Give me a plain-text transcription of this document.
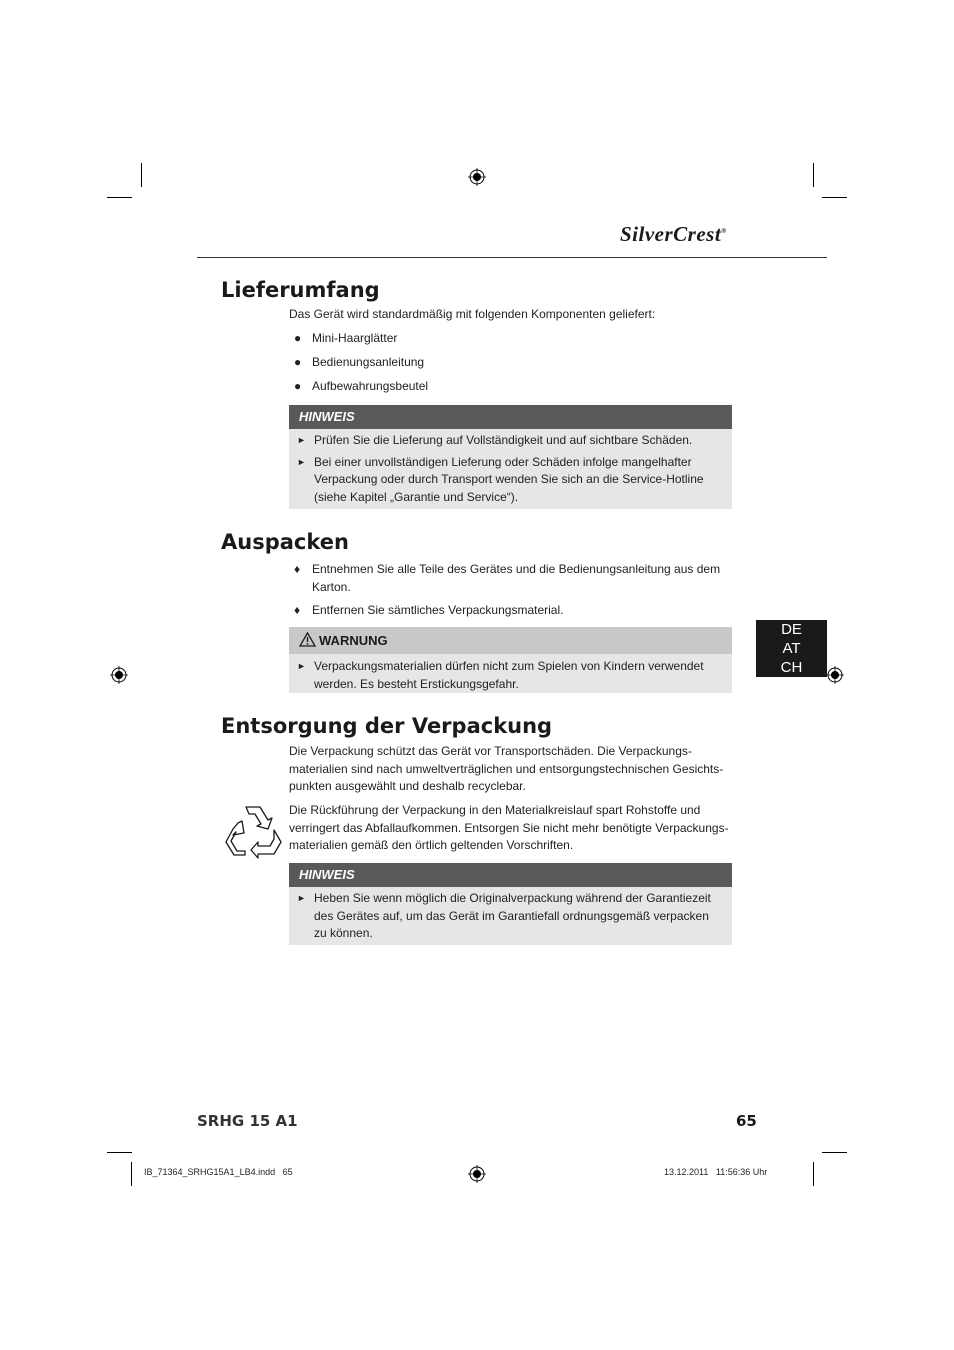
SilverCrest®
Lieferumfang

Das Gerät wird standardmäßig mit folgenden Komponenten geliefert:

● Mini-Haarglätter
● Bedienungsanleitung
● Aufbewahrungsbeutel
HINWEIS
► Prüfen Sie die Lieferung auf Vollständigkeit und auf sichtbare Schäden.
► Bei einer unvollständigen Lieferung oder Schäden infolge mangelhafter Verpackung oder durch Transport wenden Sie sich an die Service-Hotline (siehe Kapitel „Garantie und Service“).
Auspacken
♦ Entnehmen Sie alle Teile des Gerätes und die Bedienungsanleitung aus dem Karton.
♦ Entfernen Sie sämtliches Verpackungsmaterial.
WARNUNG
► Verpackungsmaterialien dürfen nicht zum Spielen von Kindern verwendet werden. Es besteht Erstickungsgefahr.
DE
AT
CH
Entsorgung der Verpackung

Die Verpackung schützt das Gerät vor Transportschäden. Die Verpackungs-materialien sind nach umweltverträglichen und entsorgungstechnischen Gesichts-punkten ausgewählt und deshalb recyclebar.

Die Rückführung der Verpackung in den Materialkreislauf spart Rohstoffe und verringert das Abfallaufkommen. Entsorgen Sie nicht mehr benötigte Verpackungs-materialien gemäß den örtlich geltenden Vorschriften.

HINWEIS
► Heben Sie wenn möglich die Originalverpackung während der Garantiezeit des Gerätes auf, um das Gerät im Garantiefall ordnungsgemäß verpacken zu können.
SRHG 15 A1	65
IB_71364_SRHG15A1_LB4.indd   65	13.12.2011   11:56:36 Uhr
